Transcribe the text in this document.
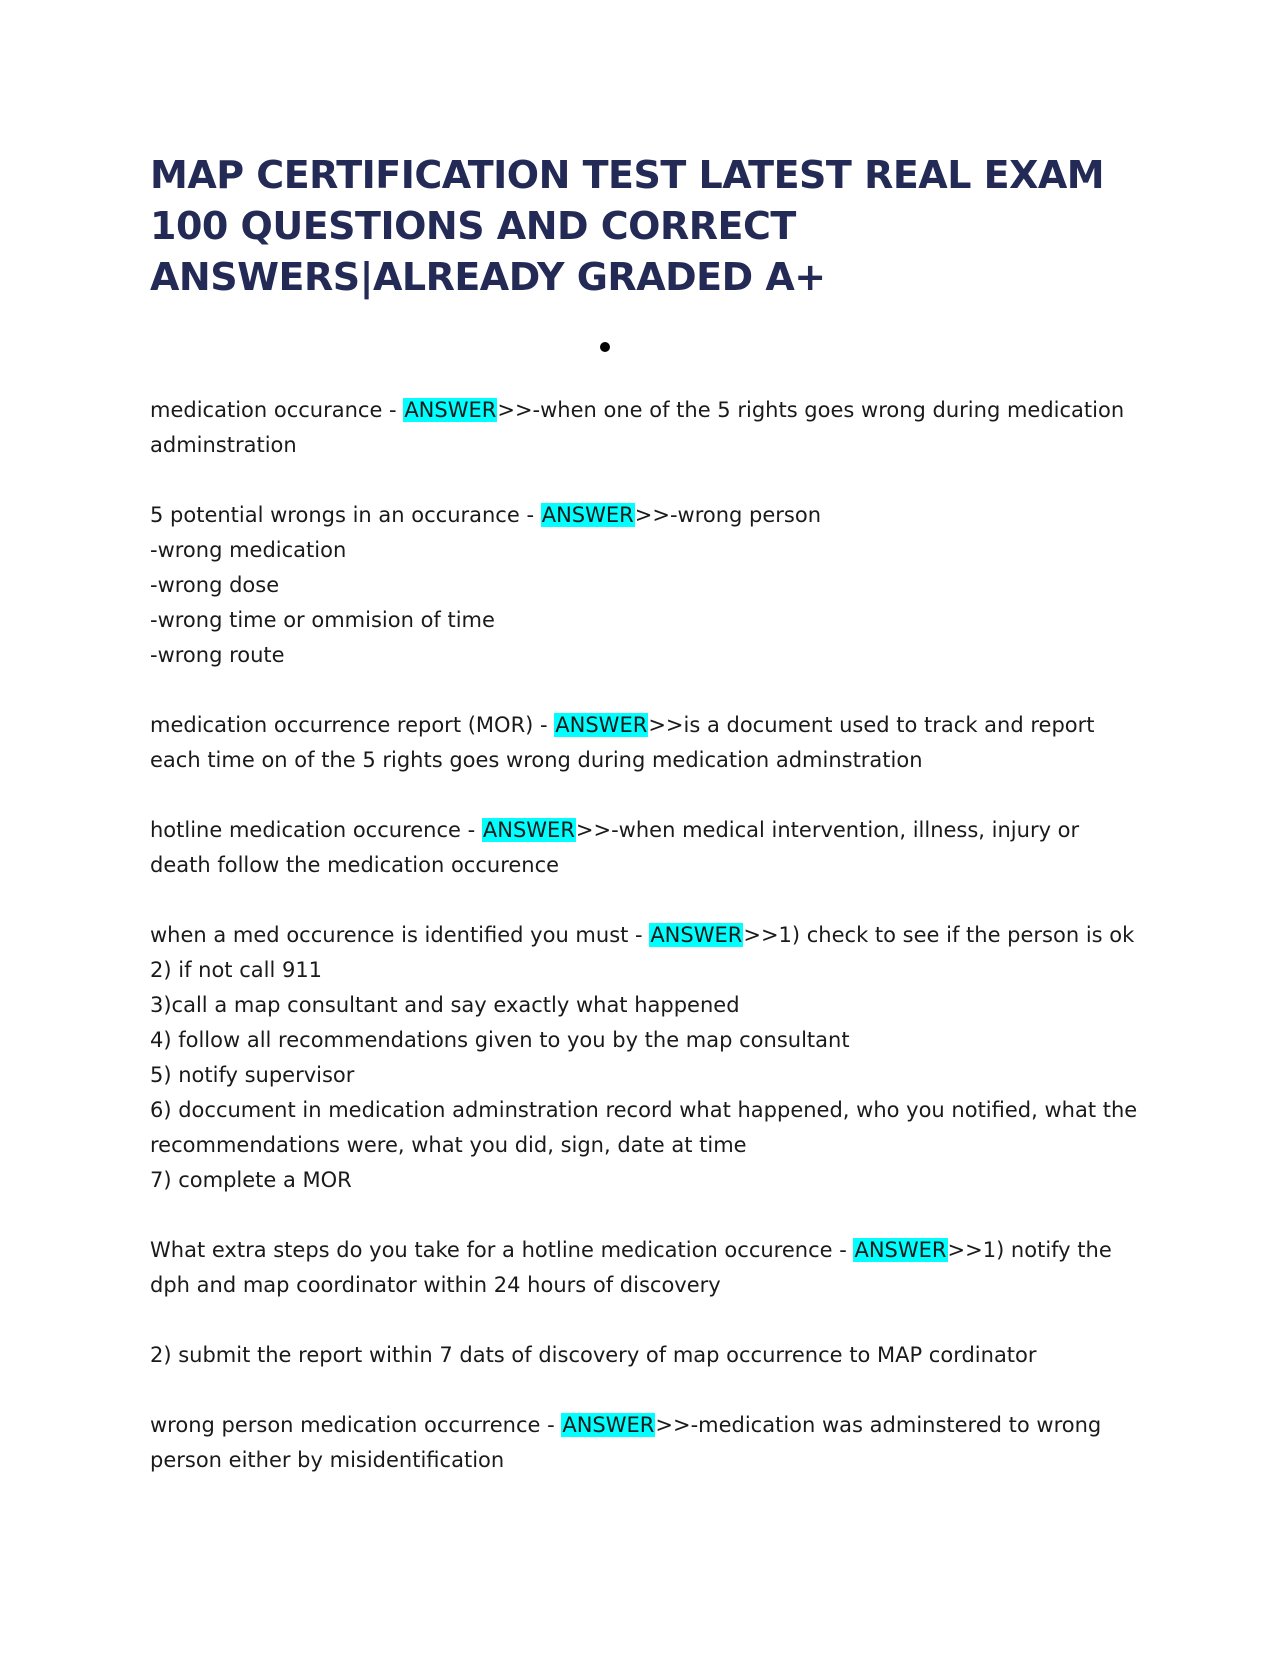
MAP CERTIFICATION TEST LATEST REAL EXAM 100 QUESTIONS AND CORRECT ANSWERS|ALREADY GRADED A+
medication occurance - ANSWER>>-when one of the 5 rights goes wrong during medication adminstration
5 potential wrongs in an occurance - ANSWER>>-wrong person
-wrong medication
-wrong dose
-wrong time or ommision of time
-wrong route
medication occurrence report (MOR) - ANSWER>>is a document used to track and report each time on of the 5 rights goes wrong during medication adminstration
hotline medication occurence - ANSWER>>-when medical intervention, illness, injury or death follow the medication occurence
when a med occurence is identified you must - ANSWER>>1) check to see if the person is ok
2) if not call 911
3)call a map consultant and say exactly what happened
4) follow all recommendations given to you by the map consultant
5) notify supervisor
6) doccument in medication adminstration record what happened, who you notified, what the recommendations were, what you did, sign, date at time
7) complete a MOR
What extra steps do you take for a hotline medication occurence - ANSWER>>1) notify the dph and map coordinator within 24 hours of discovery
2) submit the report within 7 dats of discovery of map occurrence to MAP cordinator
wrong person medication occurrence - ANSWER>>-medication was adminstered to wrong person either by misidentification
